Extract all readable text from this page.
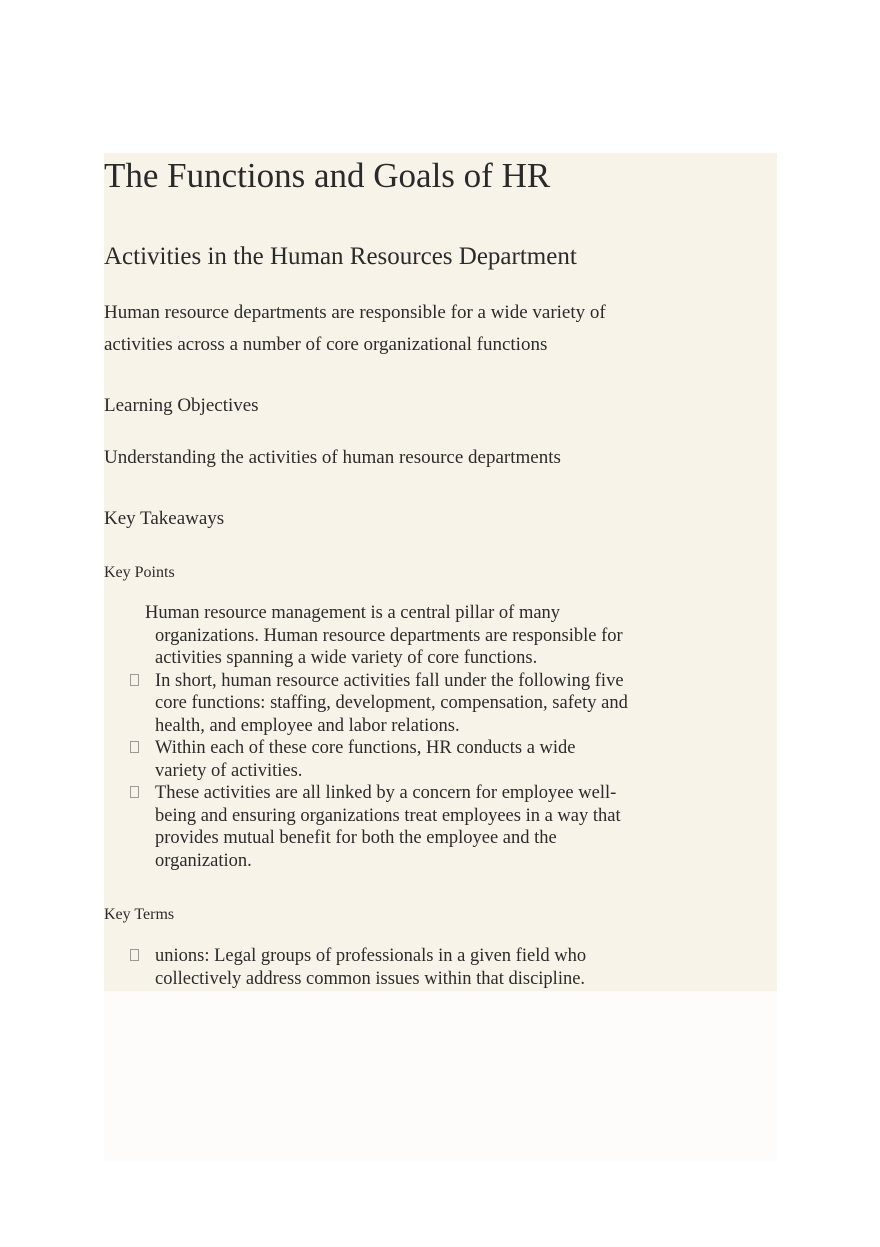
The Functions and Goals of HR
Activities in the Human Resources Department
Human resource departments are responsible for a wide variety of
activities across a number of core organizational functions
Learning Objectives
Understanding the activities of human resource departments
Key Takeaways
Key Points
Human resource management is a central pillar of many organizations. Human resource departments are responsible for activities spanning a wide variety of core functions.
In short, human resource activities fall under the following five core functions: staffing, development, compensation, safety and health, and employee and labor relations.
Within each of these core functions, HR conducts a wide variety of activities.
These activities are all linked by a concern for employee well-being and ensuring organizations treat employees in a way that provides mutual benefit for both the employee and the organization.
Key Terms
unions: Legal groups of professionals in a given field who collectively address common issues within that discipline.
